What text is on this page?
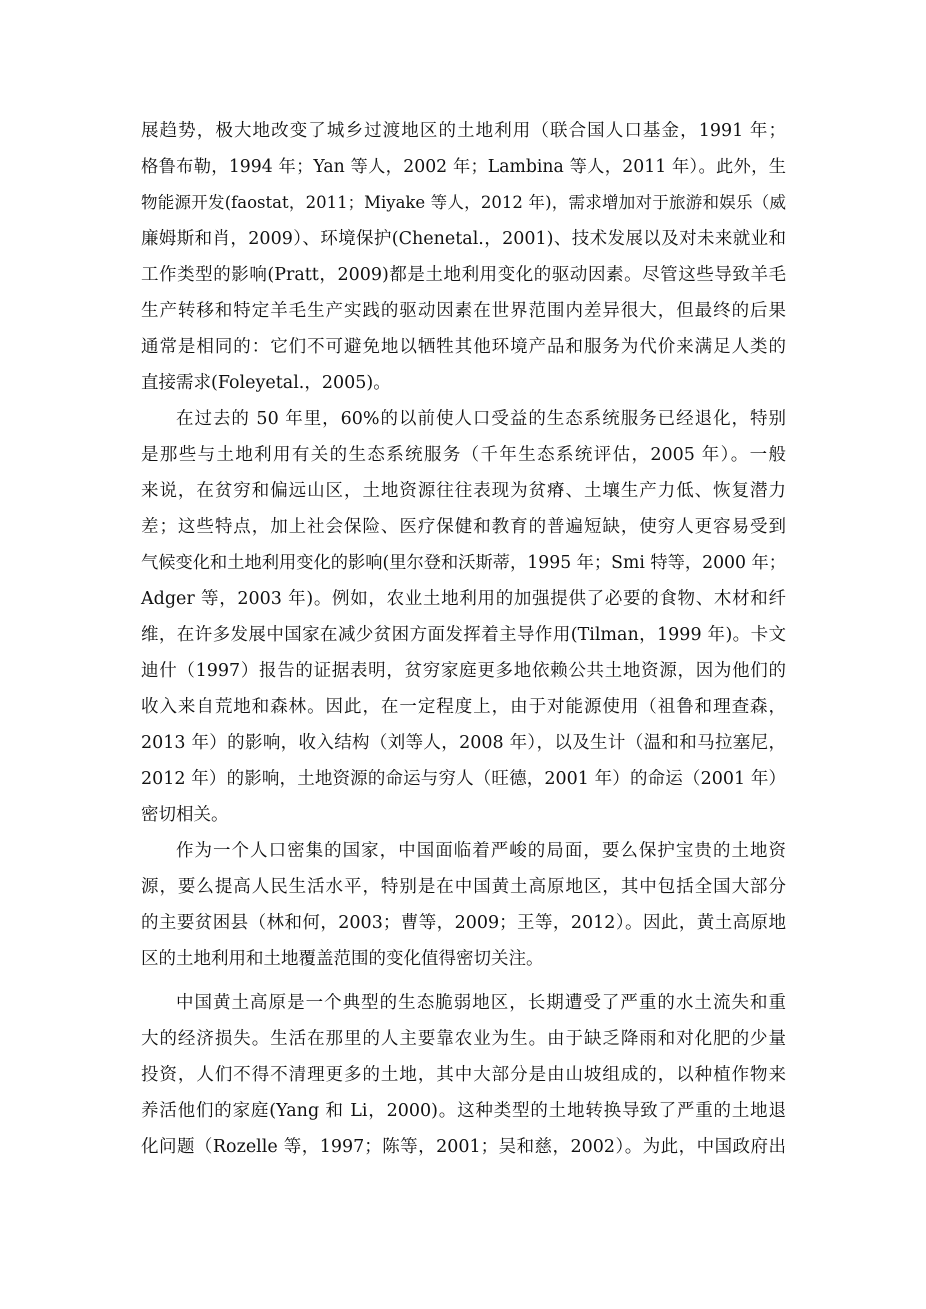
展趋势，极大地改变了城乡过渡地区的土地利用（联合国人口基金，1991 年；
格鲁布勒，1994 年；Yan 等人，2002 年；Lambina 等人，2011 年）。此外，生
物能源开发(faostat，2011；Miyake 等人，2012 年)，需求增加对于旅游和娱乐（威
廉姆斯和肖，2009）、环境保护(Chenetal.，2001)、技术发展以及对未来就业和
工作类型的影响(Pratt，2009)都是土地利用变化的驱动因素。尽管这些导致羊毛
生产转移和特定羊毛生产实践的驱动因素在世界范围内差异很大，但最终的后果
通常是相同的：它们不可避免地以牺牲其他环境产品和服务为代价来满足人类的
直接需求(Foleyetal.，2005)。
在过去的 50 年里，60%的以前使人口受益的生态系统服务已经退化，特别
是那些与土地利用有关的生态系统服务（千年生态系统评估，2005 年）。一般
来说，在贫穷和偏远山区，土地资源往往表现为贫瘠、土壤生产力低、恢复潜力
差；这些特点，加上社会保险、医疗保健和教育的普遍短缺，使穷人更容易受到
气候变化和土地利用变化的影响(里尔登和沃斯蒂，1995 年；Smi 特等，2000 年；
Adger 等，2003 年)。例如，农业土地利用的加强提供了必要的食物、木材和纤
维，在许多发展中国家在减少贫困方面发挥着主导作用(Tilman，1999 年)。卡文
迪什（1997）报告的证据表明，贫穷家庭更多地依赖公共土地资源，因为他们的
收入来自荒地和森林。因此，在一定程度上，由于对能源使用（祖鲁和理查森，
2013 年）的影响，收入结构（刘等人，2008 年），以及生计（温和和马拉塞尼，
2012 年）的影响，土地资源的命运与穷人（旺德，2001 年）的命运（2001 年）
密切相关。
作为一个人口密集的国家，中国面临着严峻的局面，要么保护宝贵的土地资
源，要么提高人民生活水平，特别是在中国黄土高原地区，其中包括全国大部分
的主要贫困县（林和何，2003；曹等，2009；王等，2012）。因此，黄土高原地
区的土地利用和土地覆盖范围的变化值得密切关注。
中国黄土高原是一个典型的生态脆弱地区，长期遭受了严重的水土流失和重
大的经济损失。生活在那里的人主要靠农业为生。由于缺乏降雨和对化肥的少量
投资，人们不得不清理更多的土地，其中大部分是由山坡组成的，以种植作物来
养活他们的家庭(Yang 和 Li，2000)。这种类型的土地转换导致了严重的土地退
化问题（Rozelle 等，1997；陈等，2001；吴和慈，2002）。为此，中国政府出
